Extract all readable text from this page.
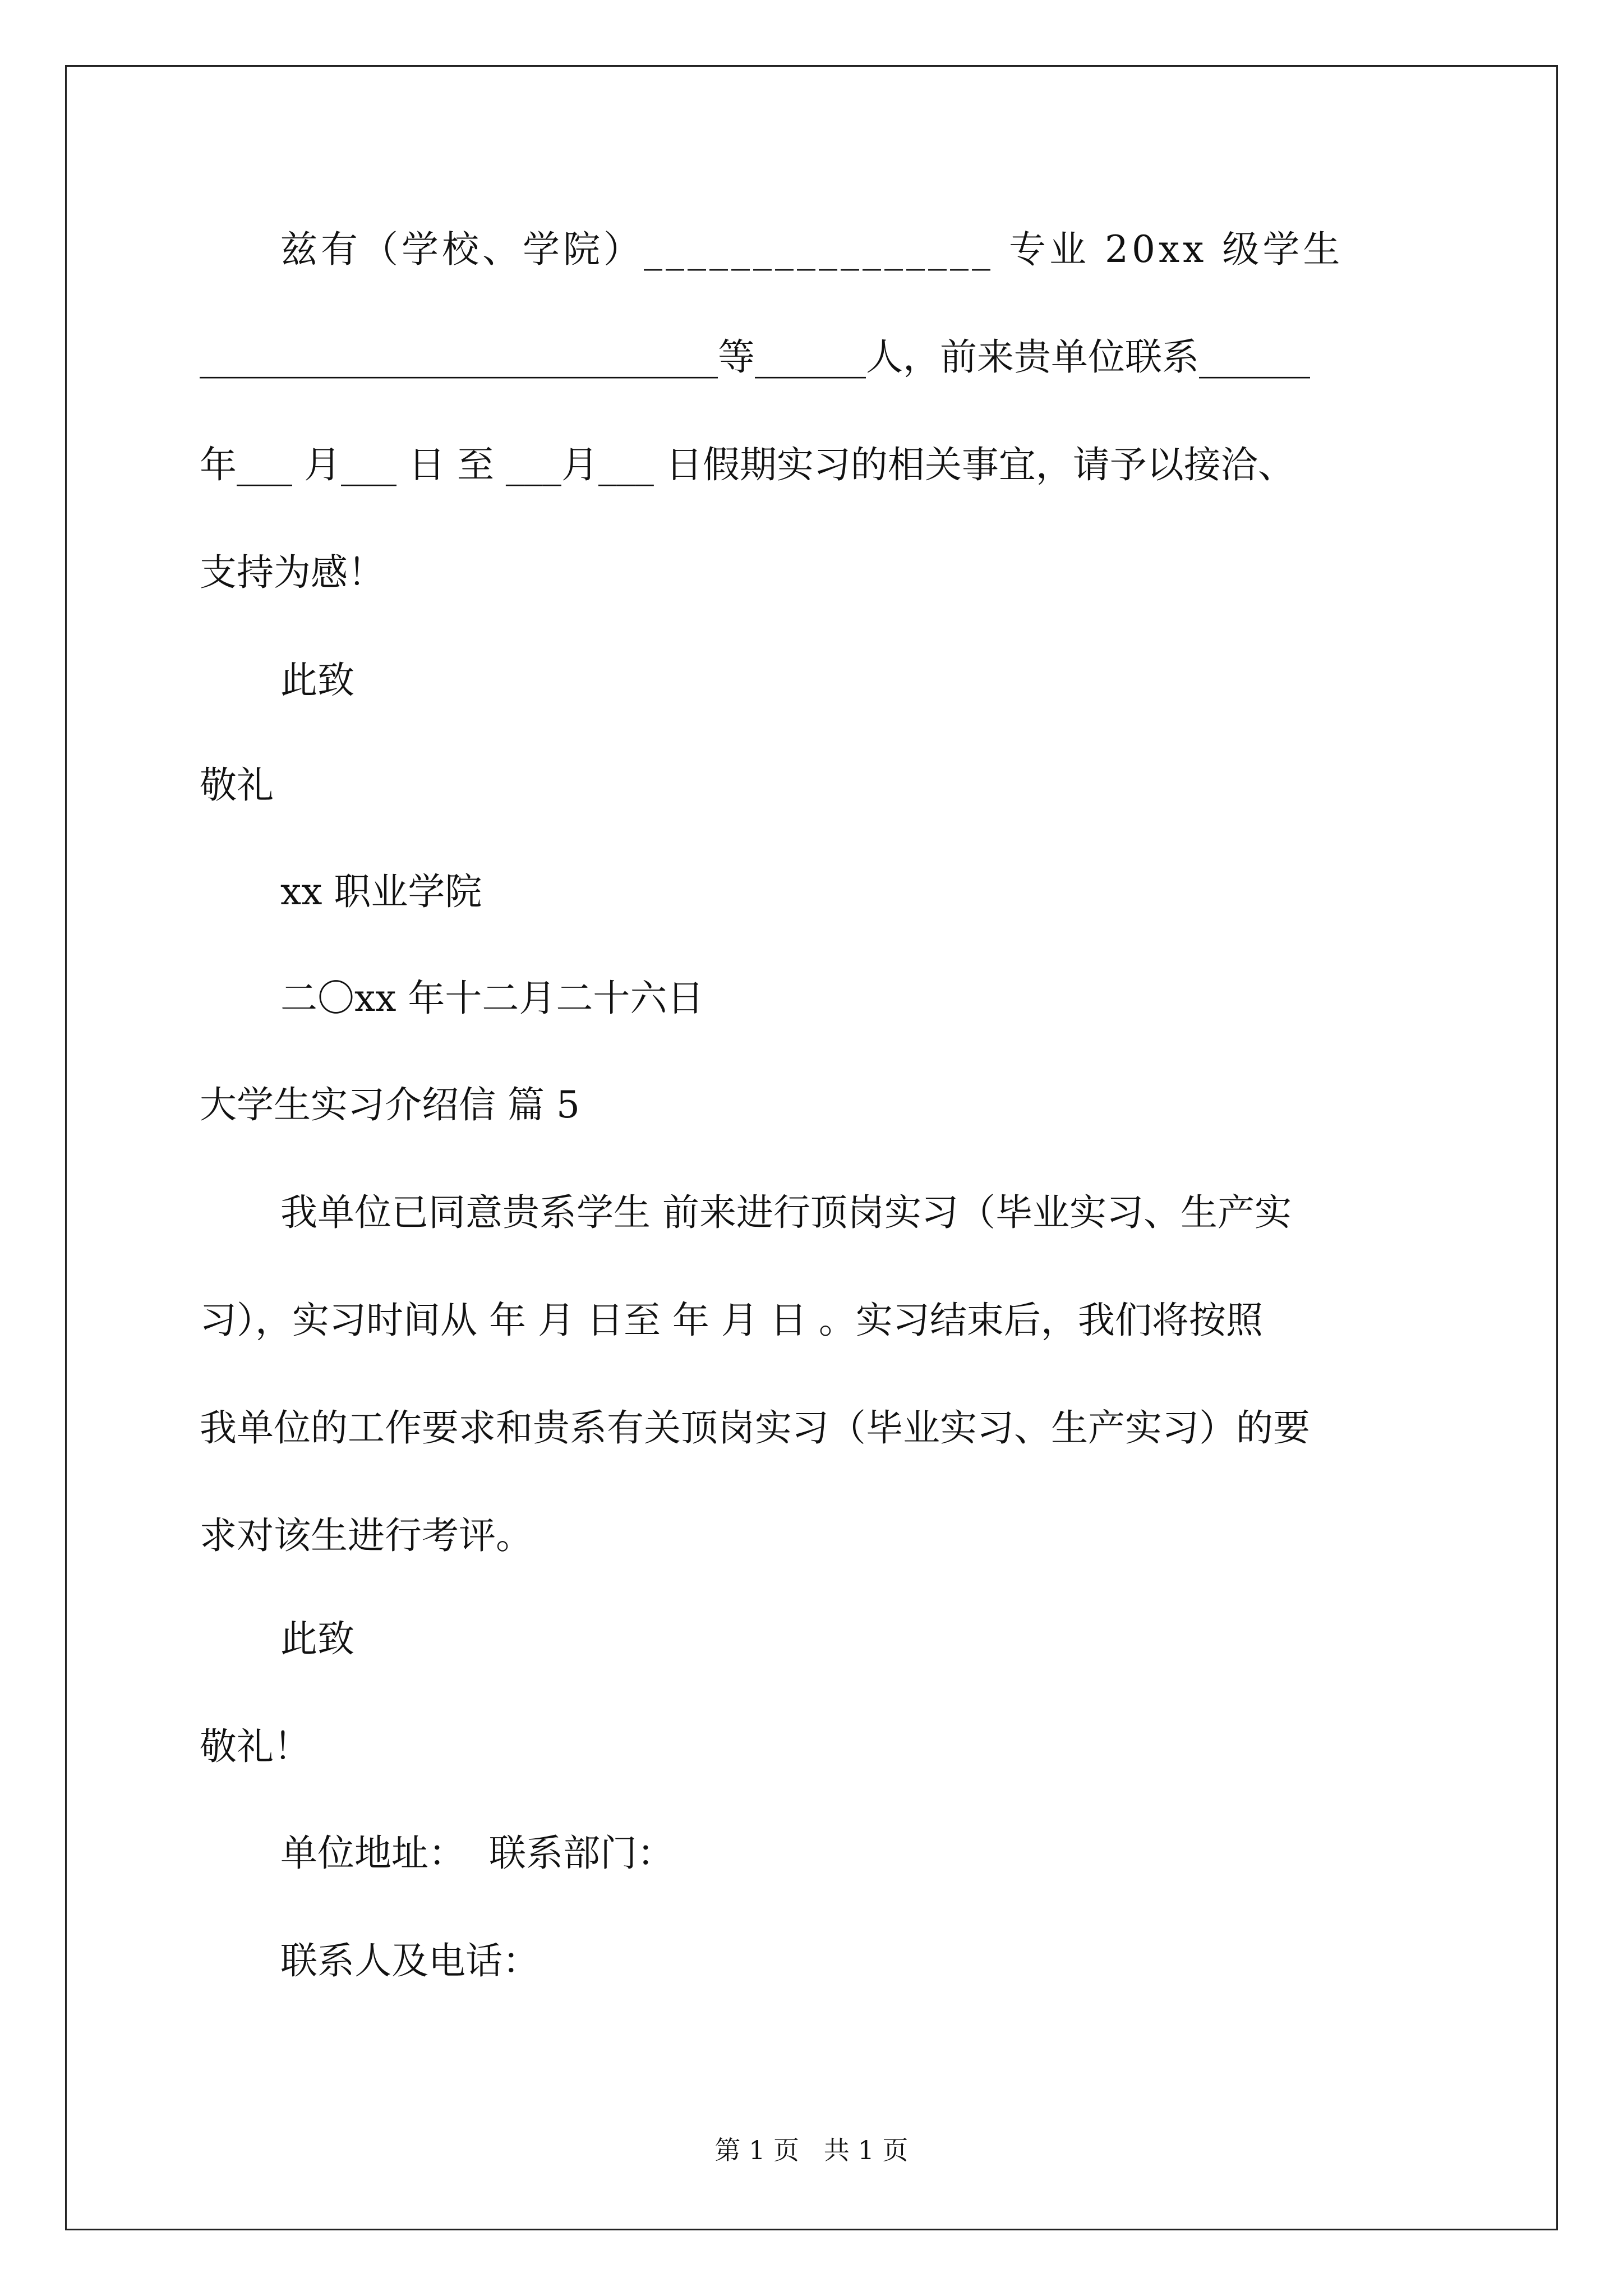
兹有（学校、学院）________________ 专业 20xx 级学生
____________________________等______人，前来贵单位联系______
年___ 月___ 日 至 ___月___ 日假期实习的相关事宜，请予以接洽、
支持为感！
此致
敬礼
xx 职业学院
二〇xx 年十二月二十六日
大学生实习介绍信 篇 5
我单位已同意贵系学生 前来进行顶岗实习（毕业实习、生产实
习），实习时间从 年 月 日至 年 月 日 。实习结束后，我们将按照
我单位的工作要求和贵系有关顶岗实习（毕业实习、生产实习）的要
求对该生进行考评。
此致
敬礼！
单位地址：  联系部门：
联系人及电话：
第 1 页   共 1 页
